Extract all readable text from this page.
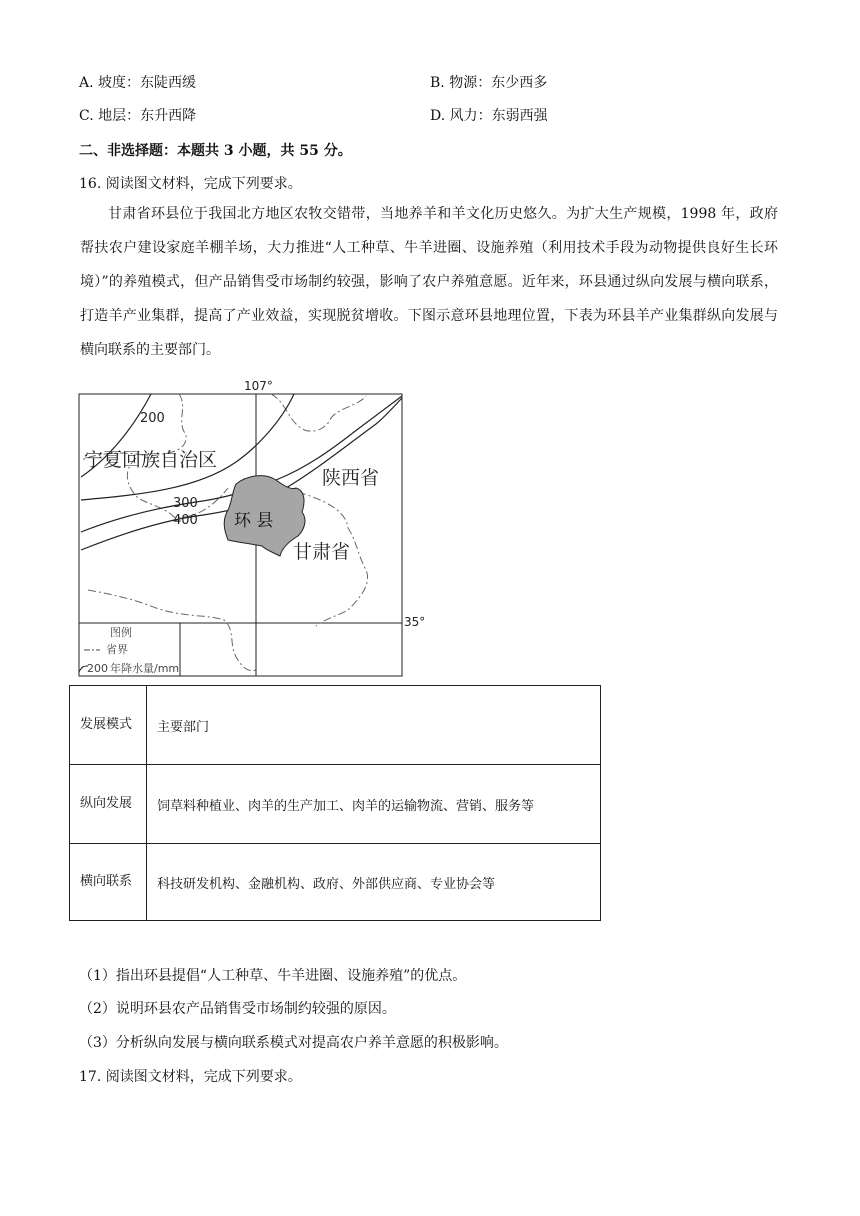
A. 坡度：东陡西缓	B. 物源：东少西多
C. 地层：东升西降	D. 风力：东弱西强
二、非选择题：本题共 3 小题，共 55 分。
16. 阅读图文材料，完成下列要求。
甘肃省环县位于我国北方地区农牧交错带，当地养羊和羊文化历史悠久。为扩大生产规模，1998 年，政府帮扶农户建设家庭羊棚羊场，大力推进“人工种草、牛羊进圈、设施养殖（利用技术手段为动物提供良好生长环境）”的养殖模式，但产品销售受市场制约较强，影响了农户养殖意愿。近年来，环县通过纵向发展与横向联系，打造羊产业集群，提高了产业效益，实现脱贫增收。下图示意环县地理位置，下表为环县羊产业集群纵向发展与横向联系的主要部门。
107°
35°
200
300
400
宁夏回族自治区
陕西省
甘肃省
环 县
图例
省界
200 年降水量/mm
发展模式	主要部门
纵向发展	饲草料种植业、肉羊的生产加工、肉羊的运输物流、营销、服务等
横向联系	科技研发机构、金融机构、政府、外部供应商、专业协会等
（1）指出环县提倡“人工种草、牛羊进圈、设施养殖”的优点。
（2）说明环县农产品销售受市场制约较强的原因。
（3）分析纵向发展与横向联系模式对提高农户养羊意愿的积极影响。
17. 阅读图文材料，完成下列要求。
